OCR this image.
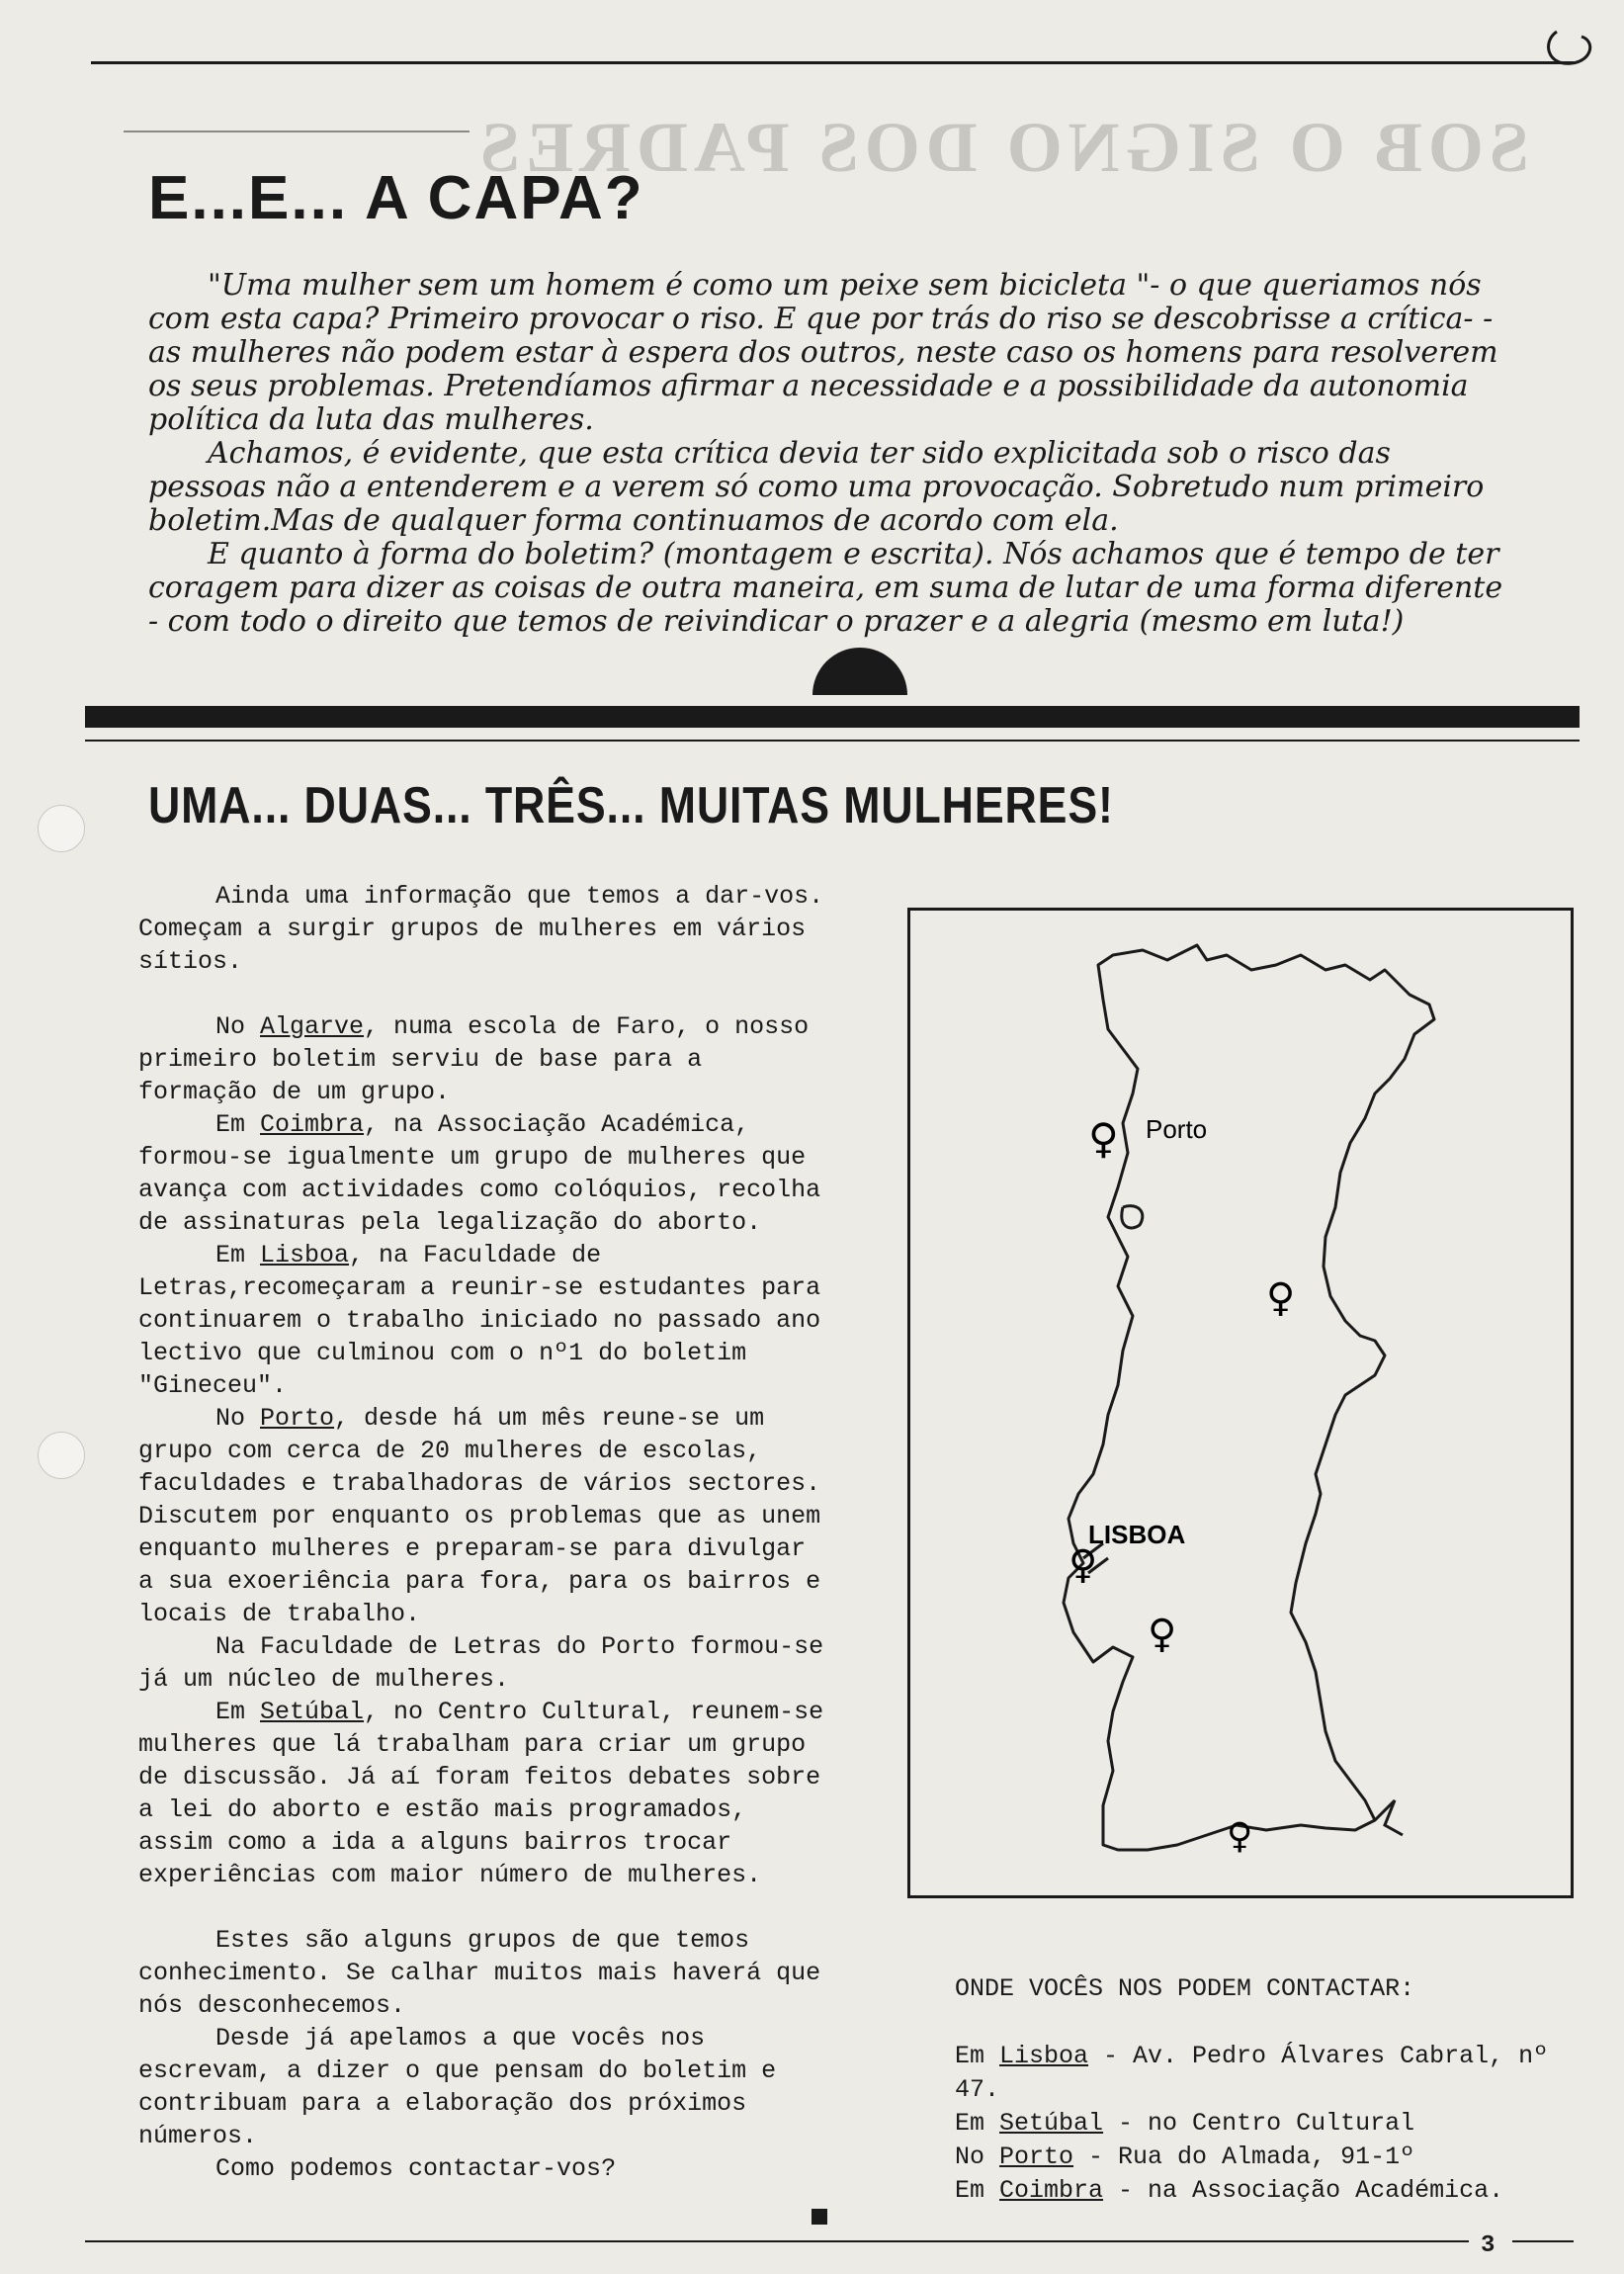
SOB O SIGNO DOS PADRES
E...E... A CAPA?

"Uma mulher sem um homem é como um peixe sem bicicleta "- o que queriamos nós com esta capa? Primeiro provocar o riso. E que por trás do riso se descobrisse a crítica- - as mulheres não podem estar à espera dos outros, neste caso os homens para resolverem os seus problemas. Pretendíamos afirmar a necessidade e a possibilidade da autonomia política da luta das mulheres.

Achamos, é evidente, que esta crítica devia ter sido explicitada sob o risco das pessoas não a entenderem e a verem só como uma provocação. Sobretudo num primeiro boletim.Mas de qualquer forma continuamos de acordo com ela.

E quanto à forma do boletim? (montagem e escrita). Nós achamos que é tempo de ter coragem para dizer as coisas de outra maneira, em suma de lutar de uma forma diferente - com todo o direito que temos de reivindicar o prazer e a alegria (mesmo em luta!)

UMA... DUAS... TRÊS... MUITAS MULHERES!

Ainda uma informação que temos a dar-vos. Começam a surgir grupos de mulheres em vários sítios.

No Algarve, numa escola de Faro, o nosso primeiro boletim serviu de base para a formação de um grupo.

Em Coimbra, na Associação Académica, formou-se igualmente um grupo de mulheres que avança com actividades como colóquios, recolha de assinaturas pela legalização do aborto.

Em Lisboa, na Faculdade de Letras,recomeçaram a reunir-se estudantes para continuarem o trabalho iniciado no passado ano lectivo que culminou com o nº1 do boletim "Gineceu".

No Porto, desde há um mês reune-se um grupo com cerca de 20 mulheres de escolas, faculdades e trabalhadoras de vários sectores. Discutem por enquanto os problemas que as unem enquanto mulheres e preparam-se para divulgar a sua exoeriência para fora, para os bairros e locais de trabalho.

Na Faculdade de Letras do Porto formou-se já um núcleo de mulheres.

Em Setúbal, no Centro Cultural, reunem-se mulheres que lá trabalham para criar um grupo de discussão. Já aí foram feitos debates sobre a lei do aborto e estão mais programados, assim como a ida a alguns bairros trocar experiências com maior número de mulheres.

Estes são alguns grupos de que temos conhecimento. Se calhar muitos mais haverá que nós desconhecemos.

Desde já apelamos a que vocês nos escrevam, a dizer o que pensam do boletim e contribuam para a elaboração dos próximos números.

Como podemos contactar-vos?

Porto
♀
♀
LISBOA
♀
♀
♀

ONDE VOCÊS NOS PODEM CONTACTAR:

Em Lisboa - Av. Pedro Álvares Cabral, nº 47.

Em Setúbal - no Centro Cultural

No Porto - Rua do Almada, 91-1º

Em Coimbra - na Associação Académica.

3
